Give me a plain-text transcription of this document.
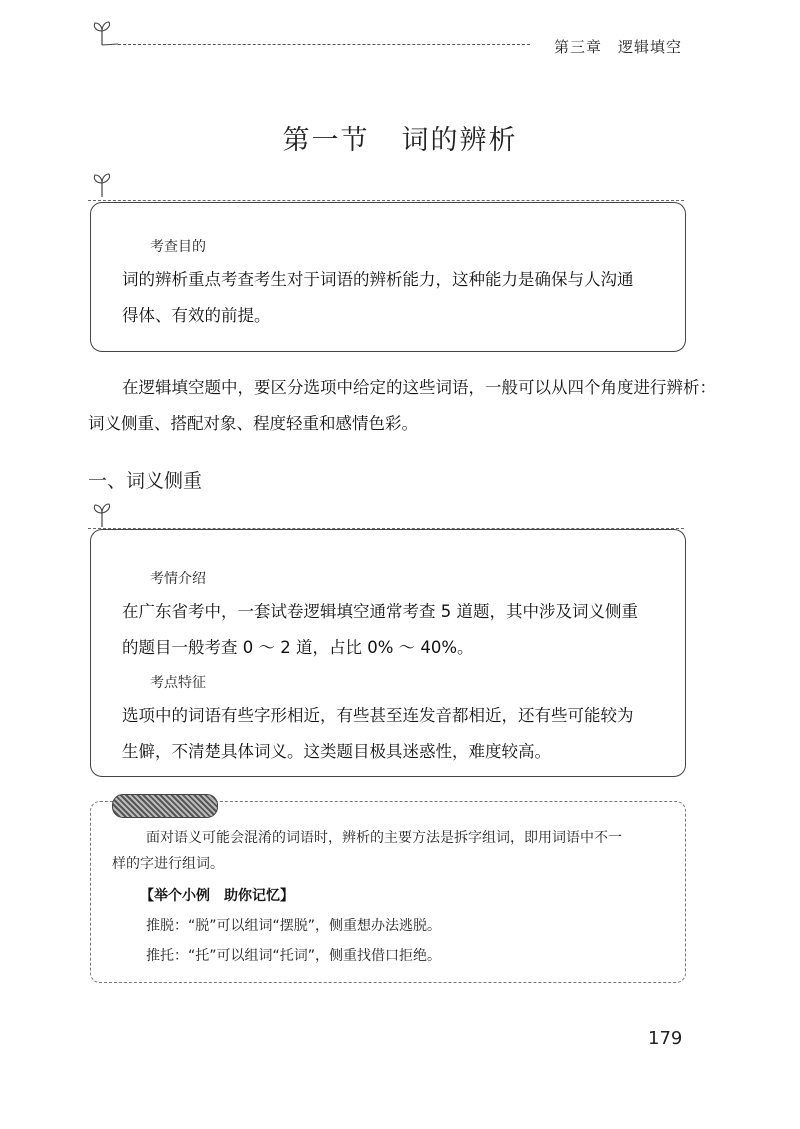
第三章 逻辑填空
第一节 词的辨析
考查目的
词的辨析重点考查考生对于词语的辨析能力，这种能力是确保与人沟通
得体、有效的前提。
在逻辑填空题中，要区分选项中给定的这些词语，一般可以从四个角度进行辨析：
词义侧重、搭配对象、程度轻重和感情色彩。
一、词义侧重
考情介绍
在广东省考中，一套试卷逻辑填空通常考查 5 道题，其中涉及词义侧重
的题目一般考查 0 ～ 2 道，占比 0% ～ 40%。
考点特征
选项中的词语有些字形相近，有些甚至连发音都相近，还有些可能较为
生僻，不清楚具体词义。这类题目极具迷惑性，难度较高。
面对语义可能会混淆的词语时，辨析的主要方法是拆字组词，即用词语中不一
样的字进行组词。
【举个小例　助你记忆】
推脱：“脱”可以组词“摆脱”，侧重想办法逃脱。
推托：“托”可以组词“托词”，侧重找借口拒绝。
179
